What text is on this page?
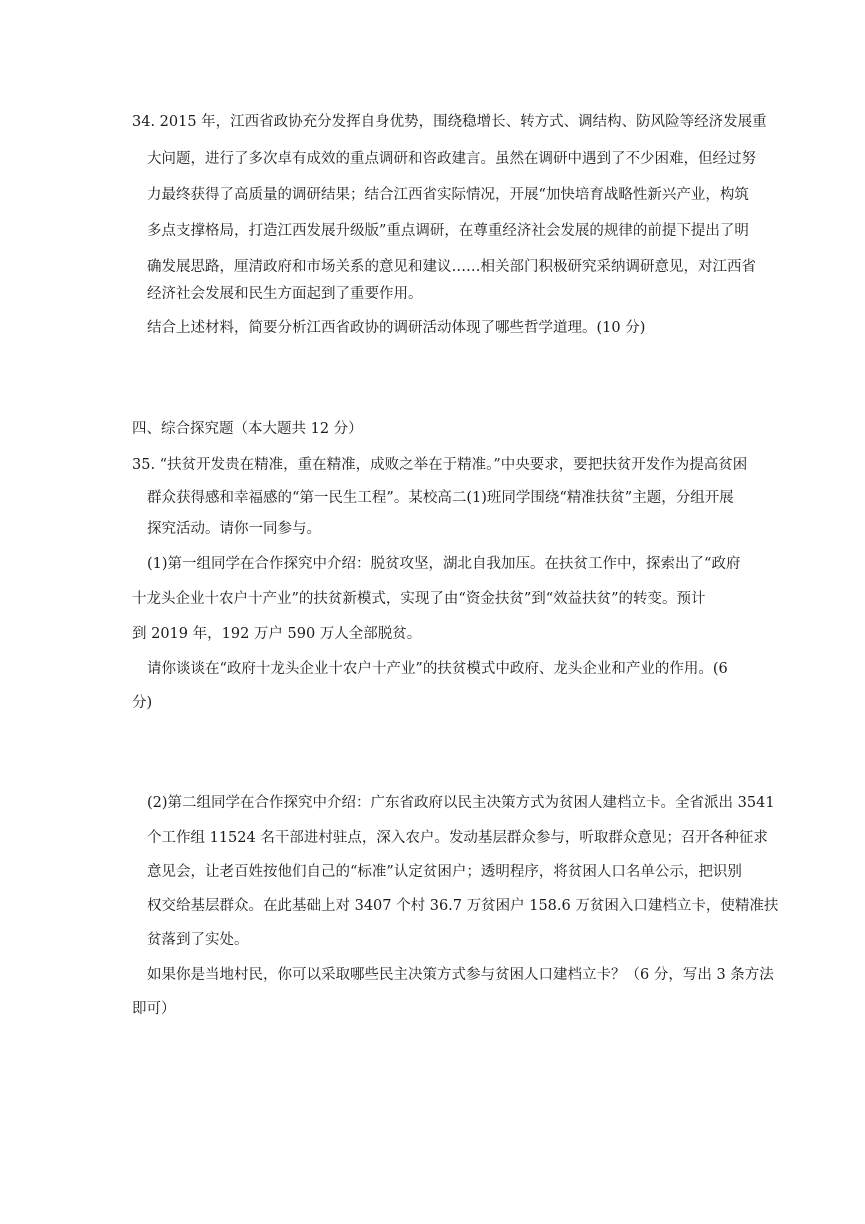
34. 2015 年，江西省政协充分发挥自身优势，围绕稳增长、转方式、调结构、防风险等经济发展重
大问题，进行了多次卓有成效的重点调研和咨政建言。虽然在调研中遇到了不少困难，但经过努
力最终获得了高质量的调研结果；结合江西省实际情况，开展“加快培育战略性新兴产业，构筑
多点支撑格局，打造江西发展升级版”重点调研，在尊重经济社会发展的规律的前提下提出了明
确发展思路，厘清政府和市场关系的意见和建议……相关部门积极研究采纳调研意见，对江西省
经济社会发展和民生方面起到了重要作用。
结合上述材料，简要分析江西省政协的调研活动体现了哪些哲学道理。(10 分)
四、综合探究题（本大题共 12 分）
35. “扶贫开发贵在精准，重在精准，成败之举在于精准。”中央要求，要把扶贫开发作为提高贫困
群众获得感和幸福感的“第一民生工程”。某校高二(1)班同学围绕“精准扶贫”主题，分组开展
探究活动。请你一同参与。
(1)第一组同学在合作探究中介绍：脱贫攻坚，湖北自我加压。在扶贫工作中，探索出了“政府
十龙头企业十农户十产业”的扶贫新模式，实现了由“资金扶贫”到“效益扶贫”的转变。预计
到 2019 年，192 万户 590 万人全部脱贫。
请你谈谈在“政府十龙头企业十农户十产业”的扶贫模式中政府、龙头企业和产业的作用。(6
分)
(2)第二组同学在合作探究中介绍：广东省政府以民主决策方式为贫困人建档立卡。全省派出 3541
个工作组 11524 名干部进村驻点，深入农户。发动基层群众参与，听取群众意见；召开各种征求
意见会，让老百姓按他们自己的“标准”认定贫困户；透明程序，将贫困人口名单公示，把识别
权交给基层群众。在此基础上对 3407 个村 36.7 万贫困户 158.6 万贫困入口建档立卡，使精准扶
贫落到了实处。
如果你是当地村民，你可以采取哪些民主决策方式参与贫困人口建档立卡？（6 分，写出 3 条方法
即可）
